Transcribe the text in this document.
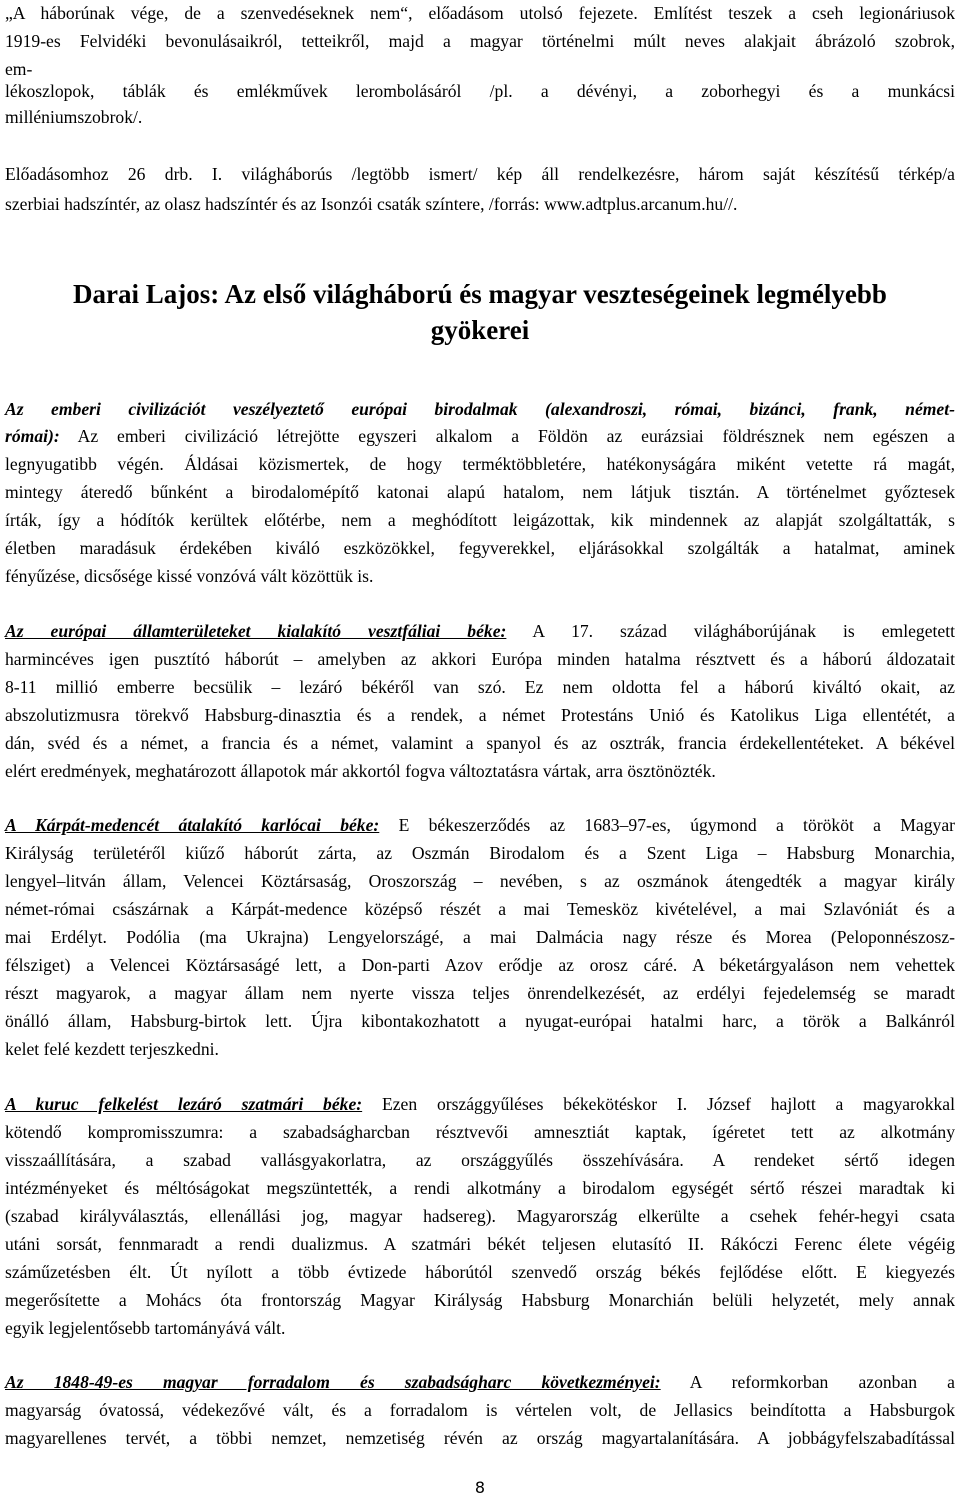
„A háborúnak vége, de a szenvedéseknek nem“, előadásom utolsó fejezete. Említést teszek a cseh legionáriusok
1919-es Felvidéki bevonulásaikról, tetteikről, majd a magyar történelmi múlt neves alakjait ábrázoló szobrok,
em-
lékoszlopok, táblák és emlékművek lerombolásáról /pl. a dévényi, a zoborhegyi és a munkácsi
milléniumszobrok/.
Előadásomhoz 26 drb. I. világháborús /legtöbb ismert/ kép áll rendelkezésre, három saját készítésű térkép/a
szerbiai hadszíntér, az olasz hadszíntér és az Isonzói csaták színtere, /forrás: www.adtplus.arcanum.hu//.
Darai Lajos: Az első világháború és magyar veszteségeinek legmélyebb
gyökerei
Az emberi civilizációt veszélyeztető európai birodalmak (alexandroszi, római, bizánci, frank, német-
római): Az emberi civilizáció létrejötte egyszeri alkalom a Földön az eurázsiai földrésznek nem egészen a
legnyugatibb végén. Áldásai közismertek, de hogy terméktöbbletére, hatékonyságára miként vetette rá magát,
mintegy áteredő bűnként a birodalomépítő katonai alapú hatalom, nem látjuk tisztán. A történelmet győztesek
írták, így a hódítók kerültek előtérbe, nem a meghódított leigázottak, kik mindennek az alapját szolgáltatták, s
életben maradásuk érdekében kiváló eszközökkel, fegyverekkel, eljárásokkal szolgálták a hatalmat, aminek
fényűzése, dicsősége kissé vonzóvá vált közöttük is.
Az európai államterületeket kialakító vesztfáliai béke: A 17. század világháborújának is emlegetett
harmincéves igen pusztító háborút – amelyben az akkori Európa minden hatalma résztvett és a háború áldozatait
8-11 millió emberre becsülik – lezáró békéről van szó. Ez nem oldotta fel a háború kiváltó okait, az
abszolutizmusra törekvő Habsburg-dinasztia és a rendek, a német Protestáns Unió és Katolikus Liga ellentétét, a
dán, svéd és a német, a francia és a német, valamint a spanyol és az osztrák, francia érdekellentéteket. A békével
elért eredmények, meghatározott állapotok már akkortól fogva változtatásra vártak, arra ösztönözték.
A Kárpát-medencét átalakító karlócai béke: E békeszerződés az 1683–97-es, úgymond a törököt a Magyar
Királyság területéről kiűző háborút zárta, az Oszmán Birodalom és a Szent Liga – Habsburg Monarchia,
lengyel–litván állam, Velencei Köztársaság, Oroszország – nevében, s az oszmánok átengedték a magyar király
német-római császárnak a Kárpát-medence középső részét a mai Temesköz kivételével, a mai Szlavóniát és a
mai Erdélyt. Podólia (ma Ukrajna) Lengyelországé, a mai Dalmácia nagy része és Morea (Peloponnészosz-
félsziget) a Velencei Köztársaságé lett, a Don-parti Azov erődje az orosz cáré. A béketárgyaláson nem vehettek
részt magyarok, a magyar állam nem nyerte vissza teljes önrendelkezését, az erdélyi fejedelemség se maradt
önálló állam, Habsburg-birtok lett. Újra kibontakozhatott a nyugat-európai hatalmi harc, a török a Balkánról
kelet felé kezdett terjeszkedni.
A kuruc felkelést lezáró szatmári béke: Ezen országgyűléses békekötéskor I. József hajlott a magyarokkal
kötendő kompromisszumra: a szabadságharcban résztvevői amnesztiát kaptak, ígéretet tett az alkotmány
visszaállítására, a szabad vallásgyakorlatra, az országgyűlés összehívására. A rendeket sértő idegen
intézményeket és méltóságokat megszüntették, a rendi alkotmány a birodalom egységét sértő részei maradtak ki
(szabad királyválasztás, ellenállási jog, magyar hadsereg). Magyarország elkerülte a csehek fehér-hegyi csata
utáni sorsát, fennmaradt a rendi dualizmus. A szatmári békét teljesen elutasító II. Rákóczi Ferenc élete végéig
száműzetésben élt. Út nyílott a több évtizede háborútól szenvedő ország békés fejlődése előtt. E kiegyezés
megerősítette a Mohács óta frontország Magyar Királyság Habsburg Monarchián belüli helyzetét, mely annak
egyik legjelentősebb tartományává vált.
Az 1848-49-es magyar forradalom és szabadságharc következményei: A reformkorban azonban a
magyarság óvatossá, védekezővé vált, és a forradalom is vértelen volt, de Jellasics beindította a Habsburgok
magyarellenes tervét, a többi nemzet, nemzetiség révén az ország magyartalanítására. A jobbágyfelszabadítással
8
